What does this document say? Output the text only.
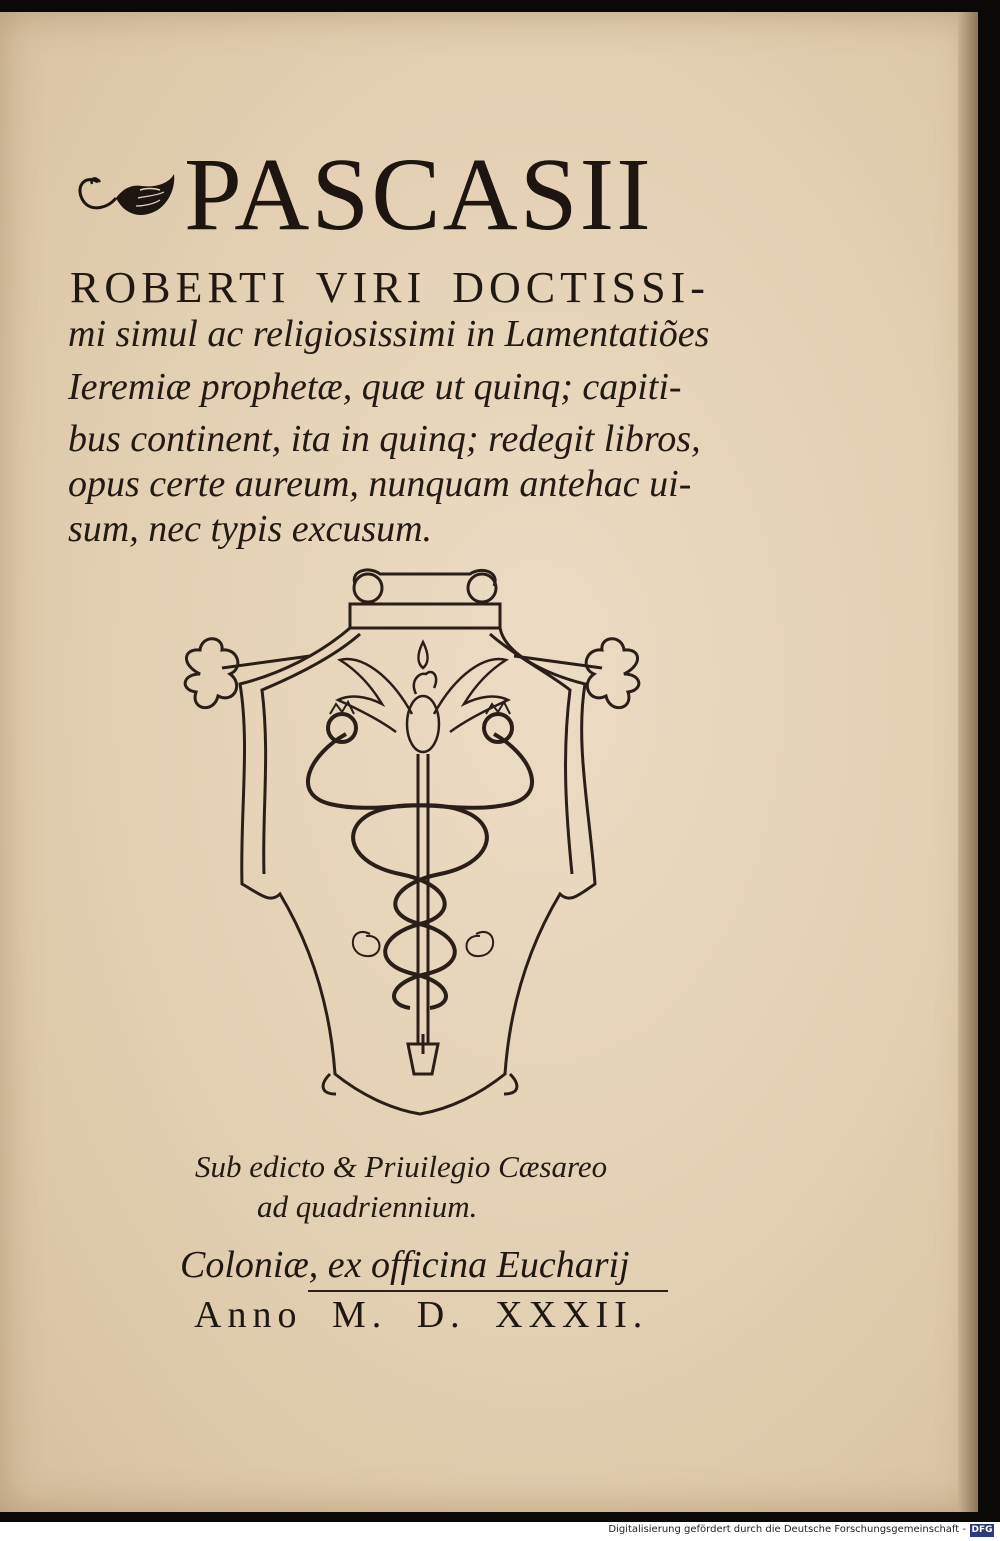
PASCASII
ROBERTI VIRI DOCTISSI-
mi simul ac religiosissimi in Lamentatiões
Ieremiæ prophetæ, quæ ut quinq; capiti-
bus continent, ita in quinq; redegit libros,
opus certe aureum, nunquam antehac ui-
sum, nec typis excusum.
Sub edicto & Priuilegio Cæsareo
ad quadriennium.
Coloniæ, ex officina Eucharij
Anno M. D. XXXII.
Digitalisierung gefördert durch die Deutsche Forschungsgemeinschaft - DFG
